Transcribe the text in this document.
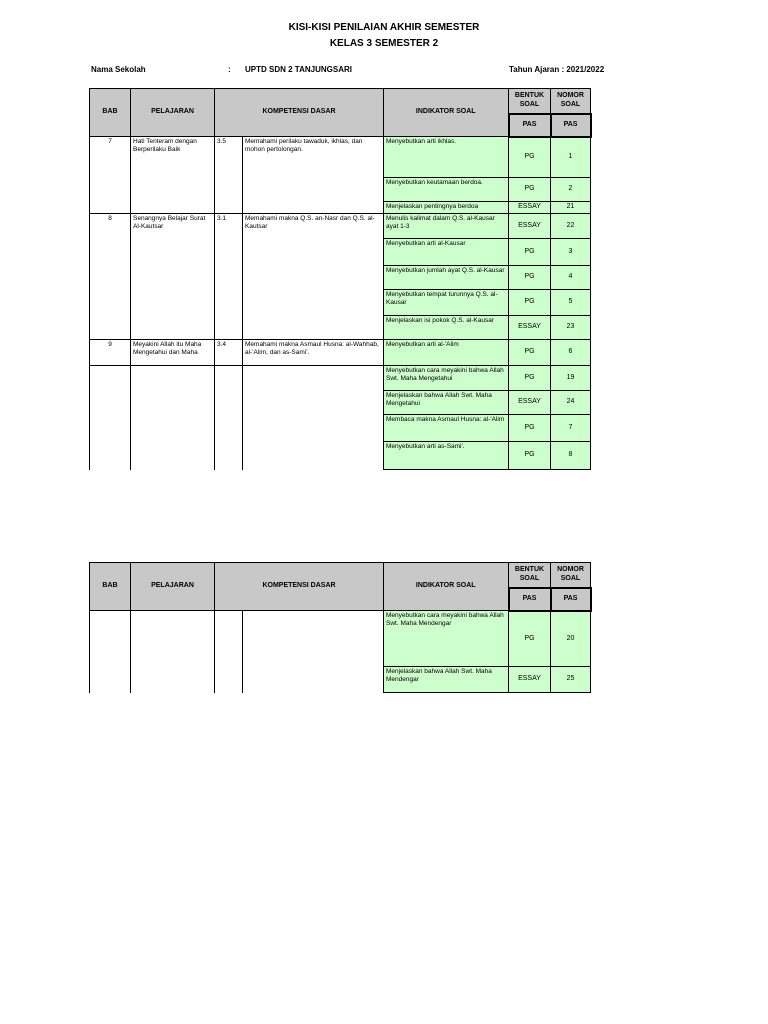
KISI-KISI PENILAIAN AKHIR SEMESTER
KELAS 3 SEMESTER 2
Nama Sekolah	: UPTD SDN 2 TANJUNGSARI	Tahun Ajaran : 2021/2022
BAB	PELAJARAN	KOMPETENSI DASAR		INDIKATOR SOAL	BENTUK SOAL	NOMOR SOAL
					PAS	PAS
7	Hati Tenteram dengan Berperilaku Baik	3.5	Memahami perilaku tawaduk, ikhlas, dan mohon pertolongan.	Menyebutkan arti ikhlas.	PG	1
				Menyebutkan keutamaan berdoa.	PG	2
				Menjelaskan pentingnya berdoa	ESSAY	21
8	Senangnya Belajar Surat Al-Kautsar	3.1	Memahami makna Q.S. an-Nasr dan Q.S. al-Kautsar	Menulis kalimat dalam Q.S. al-Kausar ayat 1-3	ESSAY	22
				Menyebutkan arti al-Kausar	PG	3
				Menyebutkan jumlah ayat Q.S. al-Kausar	PG	4
				Menyebutkan tempat turunnya Q.S. al-Kausar	PG	5
				Menjelaskan isi pokok Q.S. al-Kausar	ESSAY	23
9	Meyakini Allah itu Maha Mengetahui dan Maha	3.4	Memahami makna Asmaul Husna: al-Wahhab, al-'Alim, dan as-Sami'.	Menyebutkan arti al-'Alim	PG	6

				Menyebutkan cara meyakini bahwa Allah Swt. Maha Mengetahui	PG	19
				Menjelaskan bahwa Allah Swt. Maha Mengetahui	ESSAY	24
				Membaca makna Asmaul Husna: al-'Alim	PG	7
				Menyebutkan arti as-Sami'.	PG	8
BAB	PELAJARAN	KOMPETENSI DASAR		INDIKATOR SOAL	BENTUK SOAL	NOMOR SOAL
					PAS	PAS
				Menyebutkan cara meyakini bahwa Allah Swt. Maha Mendengar	PG	20
				Menjelaskan bahwa Allah Swt. Maha Mendengar	ESSAY	25
